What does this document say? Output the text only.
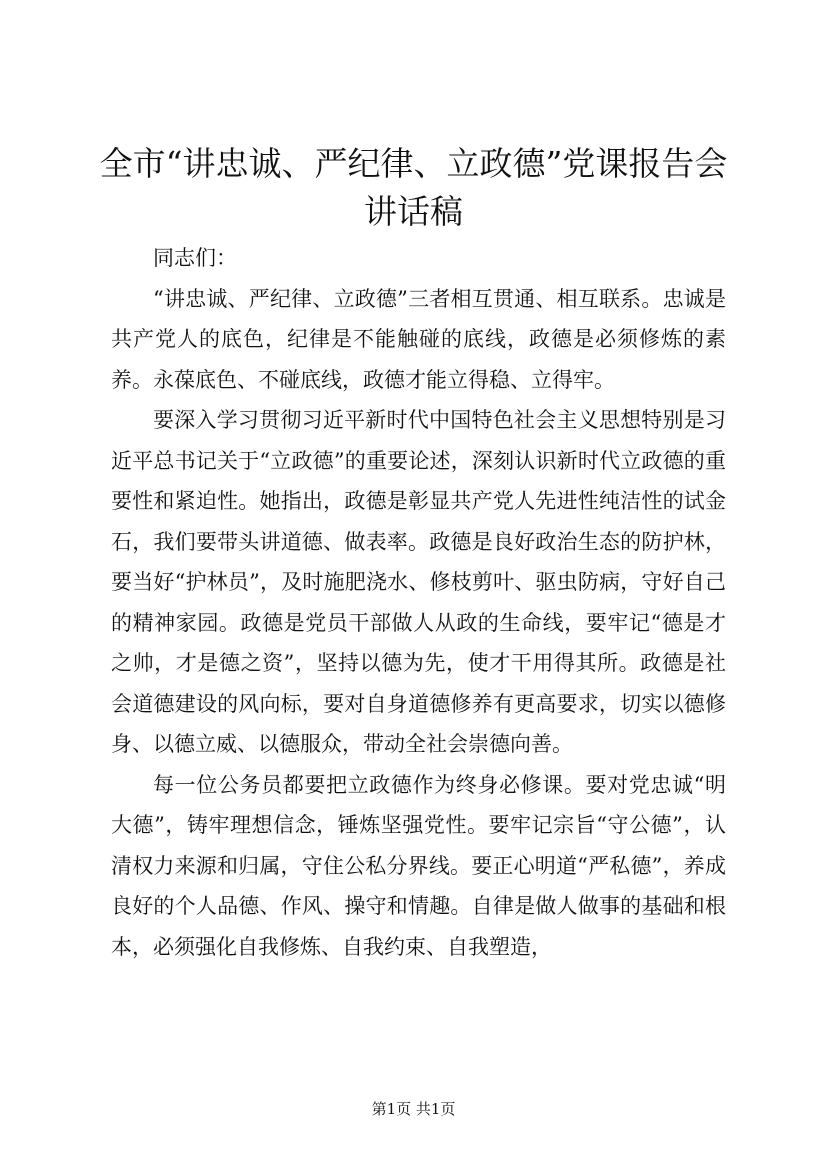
全市“讲忠诚、严纪律、立政德”党课报告会
讲话稿

同志们：

“讲忠诚、严纪律、立政德”三者相互贯通、相互联系。忠诚是共产党人的底色，纪律是不能触碰的底线，政德是必须修炼的素养。永葆底色、不碰底线，政德才能立得稳、立得牢。

要深入学习贯彻习近平新时代中国特色社会主义思想特别是习近平总书记关于“立政德”的重要论述，深刻认识新时代立政德的重要性和紧迫性。她指出，政德是彰显共产党人先进性纯洁性的试金石，我们要带头讲道德、做表率。政德是良好政治生态的防护林，要当好“护林员”，及时施肥浇水、修枝剪叶、驱虫防病，守好自己的精神家园。政德是党员干部做人从政的生命线，要牢记“德是才之帅，才是德之资”，坚持以德为先，使才干用得其所。政德是社会道德建设的风向标，要对自身道德修养有更高要求，切实以德修身、以德立威、以德服众，带动全社会崇德向善。

每一位公务员都要把立政德作为终身必修课。要对党忠诚“明大德”，铸牢理想信念，锤炼坚强党性。要牢记宗旨“守公德”，认清权力来源和归属，守住公私分界线。要正心明道“严私德”，养成良好的个人品德、作风、操守和情趣。自律是做人做事的基础和根本，必须强化自我修炼、自我约束、自我塑造，

第1页 共1页
